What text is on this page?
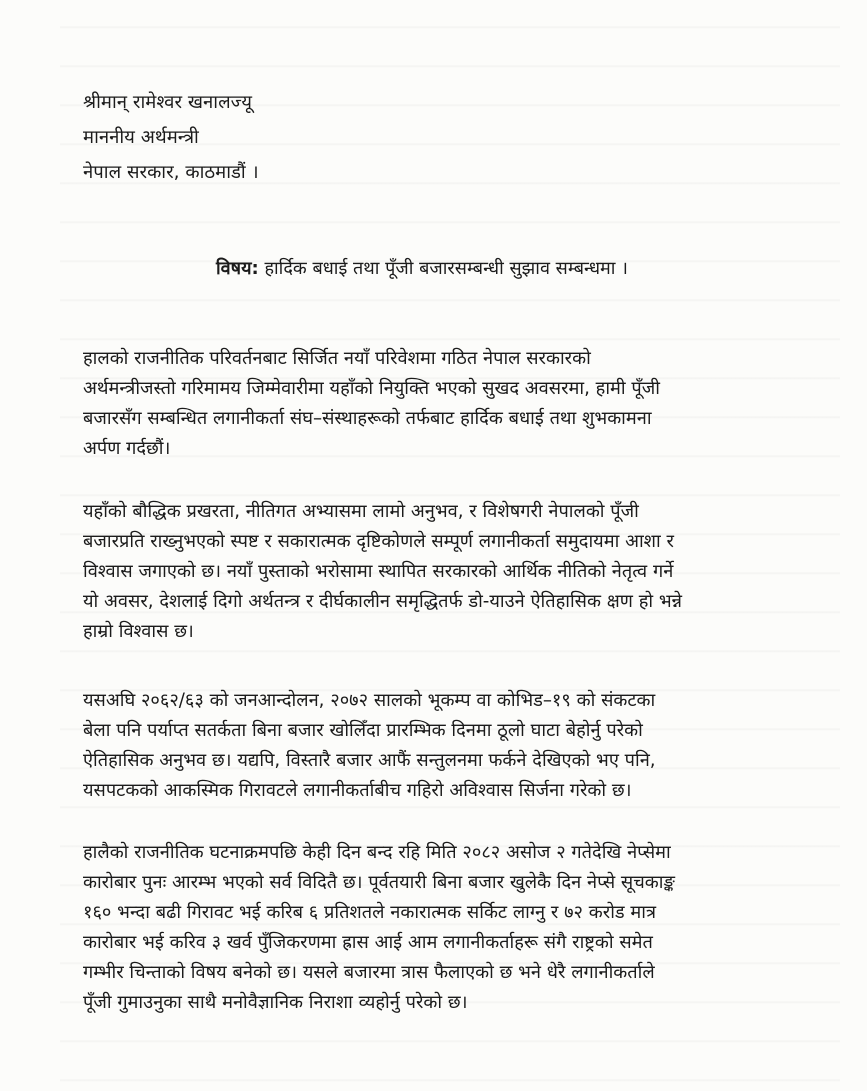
श्रीमान् रामेश्वर खनालज्यू
माननीय अर्थमन्त्री
नेपाल सरकार, काठमाडौं ।
विषय: हार्दिक बधाई तथा पूँजी बजारसम्बन्धी सुझाव सम्बन्धमा ।
हालको राजनीतिक परिवर्तनबाट सिर्जित नयाँ परिवेशमा गठित नेपाल सरकारको
अर्थमन्त्रीजस्तो गरिमामय जिम्मेवारीमा यहाँको नियुक्ति भएको सुखद अवसरमा, हामी पूँजी
बजारसँग सम्बन्धित लगानीकर्ता संघ–संस्थाहरूको तर्फबाट हार्दिक बधाई तथा शुभकामना
अर्पण गर्दछौं।
यहाँको बौद्धिक प्रखरता, नीतिगत अभ्यासमा लामो अनुभव, र विशेषगरी नेपालको पूँजी
बजारप्रति राख्नुभएको स्पष्ट र सकारात्मक दृष्टिकोणले सम्पूर्ण लगानीकर्ता समुदायमा आशा र
विश्वास जगाएको छ। नयाँ पुस्ताको भरोसामा स्थापित सरकारको आर्थिक नीतिको नेतृत्व गर्ने
यो अवसर, देशलाई दिगो अर्थतन्त्र र दीर्घकालीन समृद्धितर्फ डो-याउने ऐतिहासिक क्षण हो भन्ने
हाम्रो विश्वास छ।
यसअघि २०६२/६३ को जनआन्दोलन, २०७२ सालको भूकम्प वा कोभिड–१९ को संकटका
बेला पनि पर्याप्त सतर्कता बिना बजार खोलिँदा प्रारम्भिक दिनमा ठूलो घाटा बेहोर्नु परेको
ऐतिहासिक अनुभव छ। यद्यपि, विस्तारै बजार आफैं सन्तुलनमा फर्कने देखिएको भए पनि,
यसपटकको आकस्मिक गिरावटले लगानीकर्ताबीच गहिरो अविश्वास सिर्जना गरेको छ।
हालैको राजनीतिक घटनाक्रमपछि केही दिन बन्द रहि मिति २०८२ असोज २ गतेदेखि नेप्सेमा
कारोबार पुनः आरम्भ भएको सर्व विदितै छ। पूर्वतयारी बिना बजार खुलेकै दिन नेप्से सूचकाङ्क
१६० भन्दा बढी गिरावट भई करिब ६ प्रतिशतले नकारात्मक सर्किट लाग्नु र ७२ करोड मात्र
कारोबार भई करिव ३ खर्व पुँजिकरणमा ह्रास आई आम लगानीकर्ताहरू संगै राष्ट्रको समेत
गम्भीर चिन्ताको विषय बनेको छ। यसले बजारमा त्रास फैलाएको छ भने धेरै लगानीकर्ताले
पूँजी गुमाउनुका साथै मनोवैज्ञानिक निराशा व्यहोर्नु परेको छ।
